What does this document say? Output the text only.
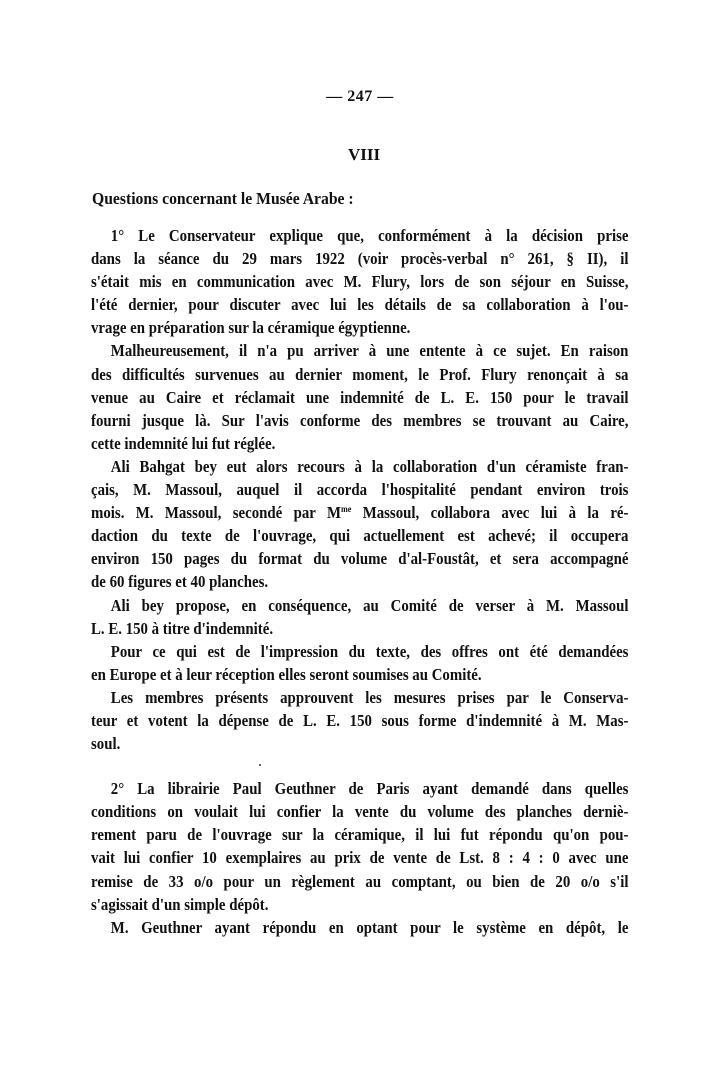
— 247 —
VIII
Questions concernant le Musée Arabe :
1° Le Conservateur explique que, conformément à la décision prise
dans la séance du 29 mars 1922 (voir procès-verbal n° 261, § II), il
s'était mis en communication avec M. Flury, lors de son séjour en Suisse,
l'été dernier, pour discuter avec lui les détails de sa collaboration à l'ou-
vrage en préparation sur la céramique égyptienne.
Malheureusement, il n'a pu arriver à une entente à ce sujet. En raison
des difficultés survenues au dernier moment, le Prof. Flury renonçait à sa
venue au Caire et réclamait une indemnité de L. E. 150 pour le travail
fourni jusque là. Sur l'avis conforme des membres se trouvant au Caire,
cette indemnité lui fut réglée.
Ali Bahgat bey eut alors recours à la collaboration d'un céramiste fran-
çais, M. Massoul, auquel il accorda l'hospitalité pendant environ trois
mois. M. Massoul, secondé par $M^{me}$ Massoul, collabora avec lui à la ré-
daction du texte de l'ouvrage, qui actuellement est achevé; il occupera
environ 150 pages du format du volume d'al-Foustât, et sera accompagné
de 60 figures et 40 planches.
Ali bey propose, en conséquence, au Comité de verser à M. Massoul
L. E. 150 à titre d'indemnité.
Pour ce qui est de l'impression du texte, des offres ont été demandées
en Europe et à leur réception elles seront soumises au Comité.
Les membres présents approuvent les mesures prises par le Conserva-
teur et votent la dépense de L. E. 150 sous forme d'indemnité à M. Mas-
soul.
2° La librairie Paul Geuthner de Paris ayant demandé dans quelles
conditions on voulait lui confier la vente du volume des planches derniè-
rement paru de l'ouvrage sur la céramique, il lui fut répondu qu'on pou-
vait lui confier 10 exemplaires au prix de vente de Lst. 8 : 4 : 0 avec une
remise de 33 o/o pour un règlement au comptant, ou bien de 20 o/o s'il
s'agissait d'un simple dépôt.
M. Geuthner ayant répondu en optant pour le système en dépôt, le
